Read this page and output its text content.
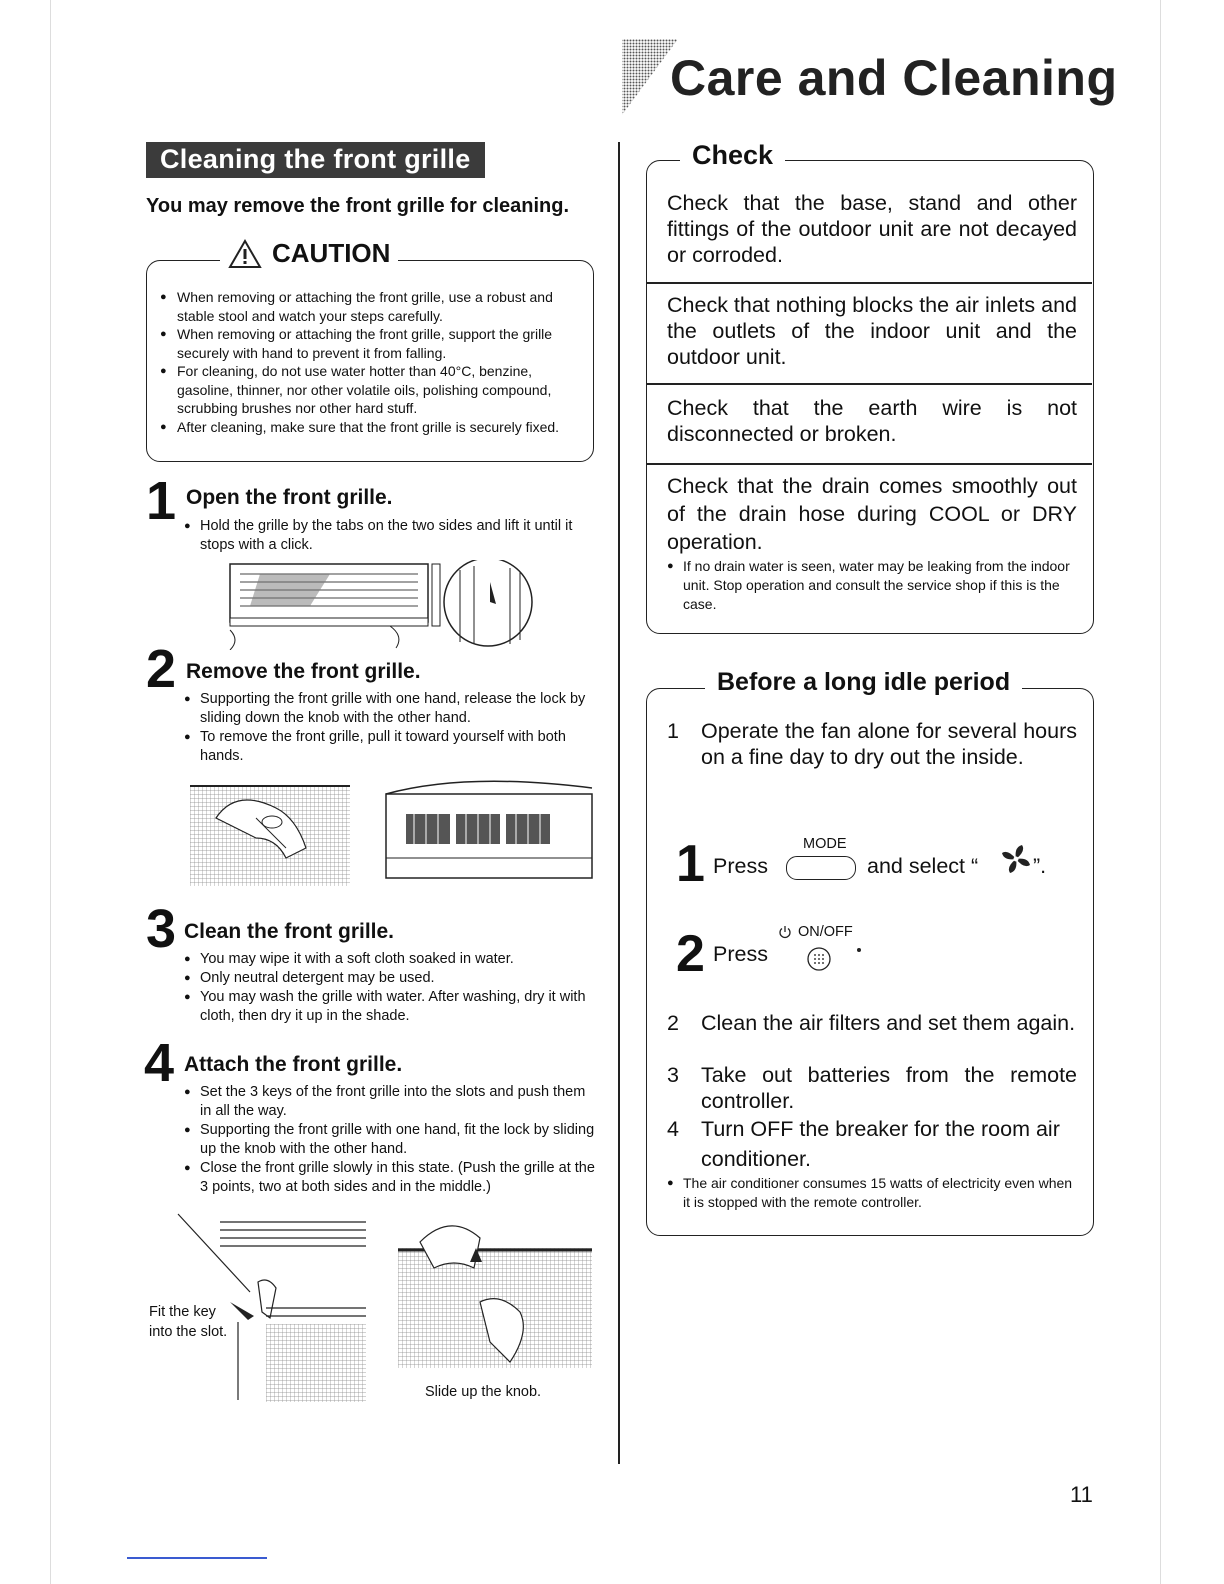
Care and Cleaning
Cleaning the front grille
You may remove the front grille for cleaning.
CAUTION
● When removing or attaching the front grille, use a robust and stable stool and watch your steps carefully.
● When removing or attaching the front grille, support the grille securely with hand to prevent it from falling.
● For cleaning, do not use water hotter than 40°C, benzine, gasoline, thinner, nor other volatile oils, polishing compound, scrubbing brushes nor other hard stuff.
● After cleaning, make sure that the front grille is securely fixed.
1 Open the front grille.
● Hold the grille by the tabs on the two sides and lift it until it stops with a click.
2 Remove the front grille.
● Supporting the front grille with one hand, release the lock by sliding down the knob with the other hand.
● To remove the front grille, pull it toward yourself with both hands.
3 Clean the front grille.
● You may wipe it with a soft cloth soaked in water.
● Only neutral detergent may be used.
● You may wash the grille with water. After washing, dry it with cloth, then dry it up in the shade.
4 Attach the front grille.
● Set the 3 keys of the front grille into the slots and push them in all the way.
● Supporting the front grille with one hand, fit the lock by sliding up the knob with the other hand.
● Close the front grille slowly in this state. (Push the grille at the 3 points, two at both sides and in the middle.)
Fit the key
into the slot.
Slide up the knob.
Check
Check that the base, stand and other fittings of the outdoor unit are not decayed or corroded.
Check that nothing blocks the air inlets and the outlets of the indoor unit and the outdoor unit.
Check that the earth wire is not disconnected or broken.
Check that the drain comes smoothly out of the drain hose during COOL or DRY operation.
● If no drain water is seen, water may be leaking from the indoor unit. Stop operation and consult the service shop if this is the case.
Before a long idle period
1	Operate the fan alone for several hours on a fine day to dry out the inside.
1 Press
MODE
and select “	”.
2 Press
ON/OFF
2	Clean the air filters and set them again.
3	Take out batteries from the remote controller.
4	Turn OFF the breaker for the room air conditioner.
● The air conditioner consumes 15 watts of electricity even when it is stopped with the remote controller.
11
